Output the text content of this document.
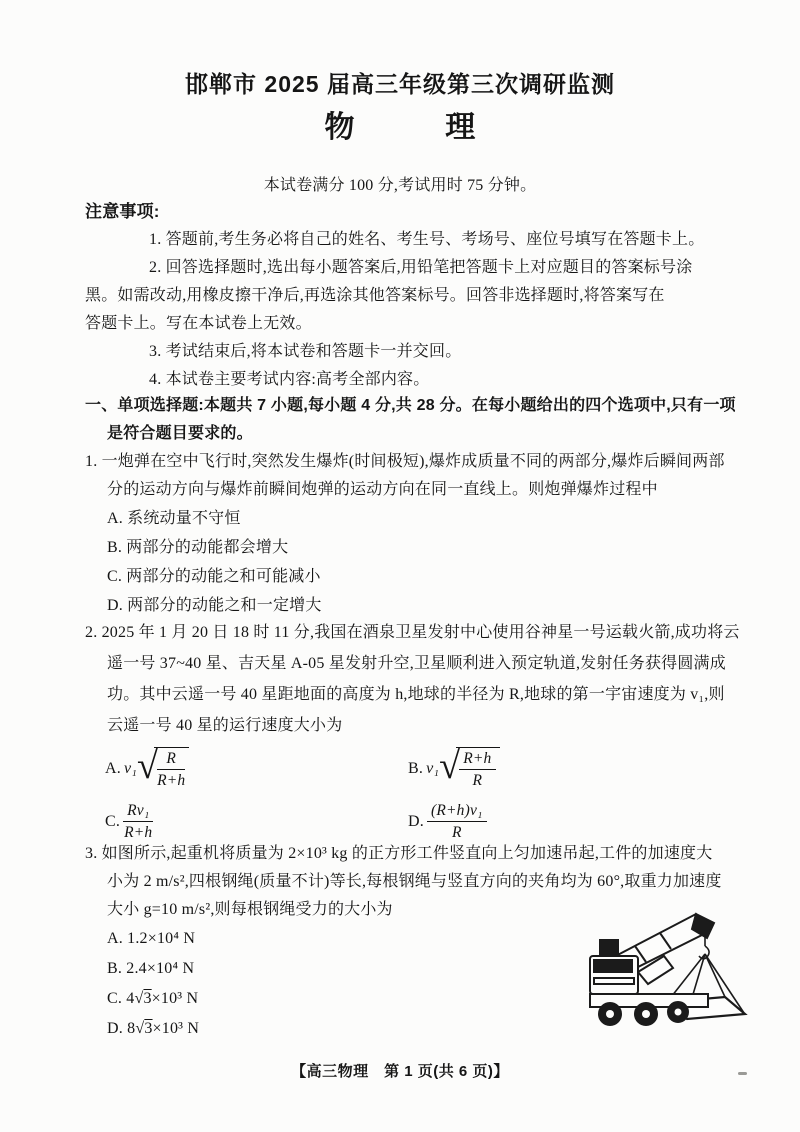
邯郸市 2025 届高三年级第三次调研监测
物　　　理
本试卷满分 100 分,考试用时 75 分钟。
注意事项:
1. 答题前,考生务必将自己的姓名、考生号、考场号、座位号填写在答题卡上。
2. 回答选择题时,选出每小题答案后,用铅笔把答题卡上对应题目的答案标号涂
黑。如需改动,用橡皮擦干净后,再选涂其他答案标号。回答非选择题时,将答案写在
答题卡上。写在本试卷上无效。
3. 考试结束后,将本试卷和答题卡一并交回。
4. 本试卷主要考试内容:高考全部内容。
一、单项选择题:本题共 7 小题,每小题 4 分,共 28 分。在每小题给出的四个选项中,只有一项
是符合题目要求的。
1. 一炮弹在空中飞行时,突然发生爆炸(时间极短),爆炸成质量不同的两部分,爆炸后瞬间两部
分的运动方向与爆炸前瞬间炮弹的运动方向在同一直线上。则炮弹爆炸过程中
A. 系统动量不守恒
B. 两部分的动能都会增大
C. 两部分的动能之和可能减小
D. 两部分的动能之和一定增大
2. 2025 年 1 月 20 日 18 时 11 分,我国在酒泉卫星发射中心使用谷神星一号运载火箭,成功将云
遥一号 37~40 星、吉天星 A-05 星发射升空,卫星顺利进入预定轨道,发射任务获得圆满成
功。其中云遥一号 40 星距地面的高度为 h,地球的半径为 R,地球的第一宇宙速度为 v₁,则
云遥一号 40 星的运行速度大小为
A. v₁ √ $\frac{R}{R+h}$	B. v₁ √ $\frac{R+h}{R}$
C. $\frac{\text{Rv₁}}{R+h}$	D. $\frac{\text{(R+h)v₁}}{R}$
3. 如图所示,起重机将质量为 2×10³ kg 的正方形工件竖直向上匀加速吊起,工件的加速度大
小为 2 m/s²,四根钢绳(质量不计)等长,每根钢绳与竖直方向的夹角均为 60°,取重力加速度
大小 g=10 m/s²,则每根钢绳受力的大小为
A. 1.2×10⁴ N
B. 2.4×10⁴ N
C. 4√3×10³ N
D. 8√3×10³ N
【高三物理　第 1 页(共 6 页)】
